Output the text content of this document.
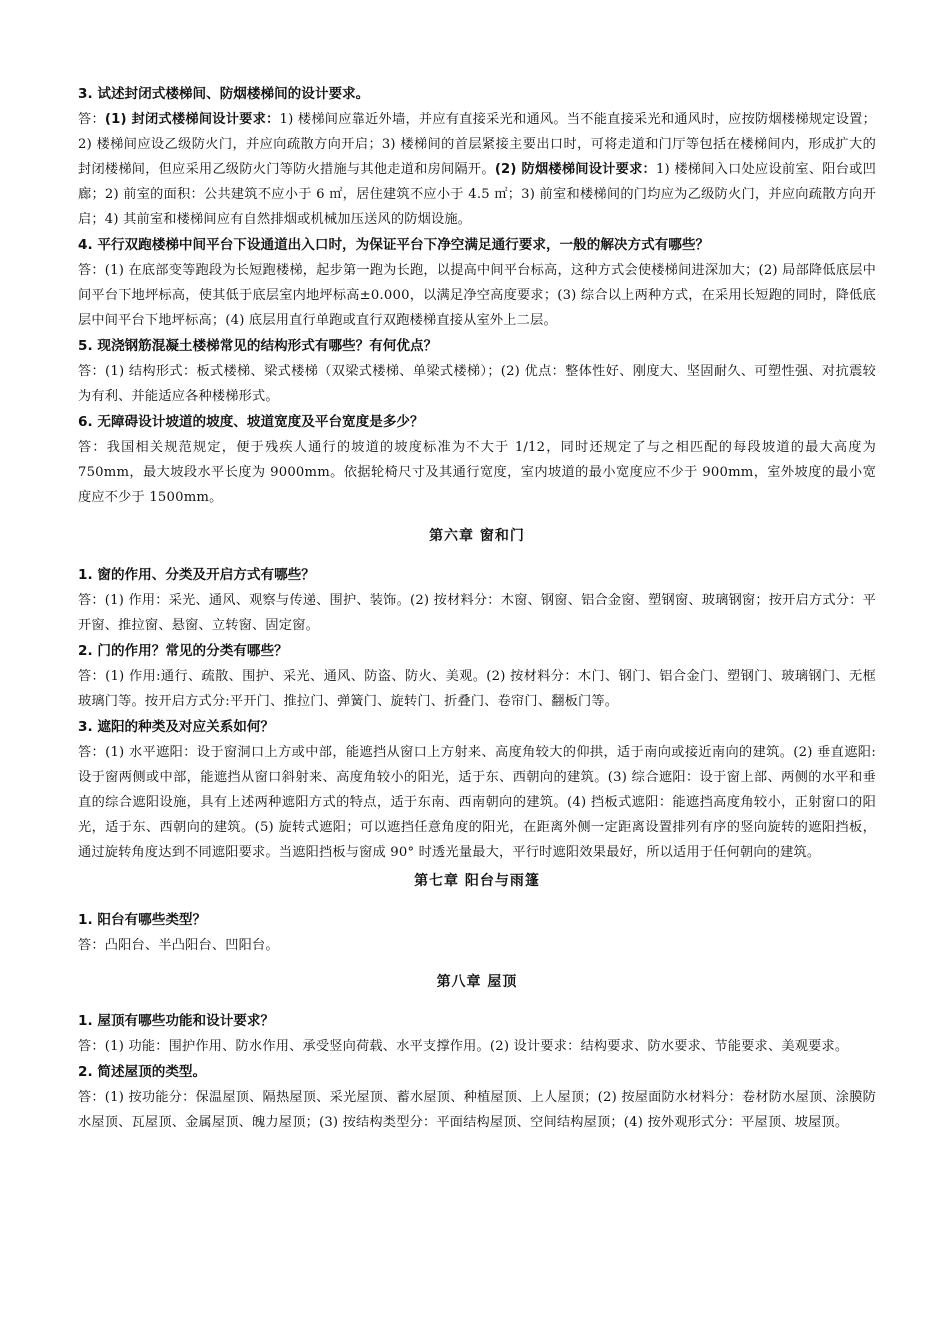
3. 试述封闭式楼梯间、防烟楼梯间的设计要求。

答：(1) 封闭式楼梯间设计要求：1) 楼梯间应靠近外墙，并应有直接采光和通风。当不能直接采光和通风时，应按防烟楼梯规定设置；2) 楼梯间应设乙级防火门，并应向疏散方向开启；3) 楼梯间的首层紧接主要出口时，可将走道和门厅等包括在楼梯间内，形成扩大的封闭楼梯间，但应采用乙级防火门等防火措施与其他走道和房间隔开。(2) 防烟楼梯间设计要求：1) 楼梯间入口处应设前室、阳台或凹廊；2) 前室的面积：公共建筑不应小于 6 ㎡，居住建筑不应小于 4.5 ㎡；3) 前室和楼梯间的门均应为乙级防火门，并应向疏散方向开启；4) 其前室和楼梯间应有自然排烟或机械加压送风的防烟设施。

4. 平行双跑楼梯中间平台下设通道出入口时，为保证平台下净空满足通行要求，一般的解决方式有哪些？

答：(1) 在底部变等跑段为长短跑楼梯，起步第一跑为长跑，以提高中间平台标高，这种方式会使楼梯间进深加大；(2) 局部降低底层中间平台下地坪标高，使其低于底层室内地坪标高±0.000，以满足净空高度要求；(3) 综合以上两种方式，在采用长短跑的同时，降低底层中间平台下地坪标高；(4) 底层用直行单跑或直行双跑楼梯直接从室外上二层。

5. 现浇钢筋混凝土楼梯常见的结构形式有哪些？有何优点？

答：(1) 结构形式：板式楼梯、梁式楼梯（双梁式楼梯、单梁式楼梯）；(2) 优点：整体性好、刚度大、坚固耐久、可塑性强、对抗震较为有利、并能适应各种楼梯形式。

6. 无障碍设计坡道的坡度、坡道宽度及平台宽度是多少？

答：我国相关规范规定，便于残疾人通行的坡道的坡度标准为不大于 1/12，同时还规定了与之相匹配的每段坡道的最大高度为 750mm，最大坡段水平长度为 9000mm。依据轮椅尺寸及其通行宽度，室内坡道的最小宽度应不少于 900mm，室外坡度的最小宽度应不少于 1500mm。

第六章 窗和门

1. 窗的作用、分类及开启方式有哪些？

答：(1) 作用：采光、通风、观察与传递、围护、装饰。(2) 按材料分：木窗、钢窗、铝合金窗、塑钢窗、玻璃钢窗；按开启方式分：平开窗、推拉窗、悬窗、立转窗、固定窗。

2. 门的作用？常见的分类有哪些？

答：(1) 作用:通行、疏散、围护、采光、通风、防盗、防火、美观。(2) 按材料分：木门、钢门、铝合金门、塑钢门、玻璃钢门、无框玻璃门等。按开启方式分:平开门、推拉门、弹簧门、旋转门、折叠门、卷帘门、翻板门等。

3. 遮阳的种类及对应关系如何？

答：(1) 水平遮阳：设于窗洞口上方或中部，能遮挡从窗口上方射来、高度角较大的仰拱，适于南向或接近南向的建筑。(2) 垂直遮阳:设于窗两侧或中部，能遮挡从窗口斜射来、高度角较小的阳光，适于东、西朝向的建筑。(3) 综合遮阳：设于窗上部、两侧的水平和垂直的综合遮阳设施，具有上述两种遮阳方式的特点，适于东南、西南朝向的建筑。(4) 挡板式遮阳：能遮挡高度角较小，正射窗口的阳光，适于东、西朝向的建筑。(5) 旋转式遮阳；可以遮挡任意角度的阳光，在距离外侧一定距离设置排列有序的竖向旋转的遮阳挡板，通过旋转角度达到不同遮阳要求。当遮阳挡板与窗成 90° 时透光量最大，平行时遮阳效果最好，所以适用于任何朝向的建筑。

第七章 阳台与雨篷

1. 阳台有哪些类型？

答：凸阳台、半凸阳台、凹阳台。

第八章 屋顶

1. 屋顶有哪些功能和设计要求？

答：(1) 功能：围护作用、防水作用、承受竖向荷载、水平支撑作用。(2) 设计要求：结构要求、防水要求、节能要求、美观要求。

2. 简述屋顶的类型。

答：(1) 按功能分：保温屋顶、隔热屋顶、采光屋顶、蓄水屋顶、种植屋顶、上人屋顶；(2) 按屋面防水材料分：卷材防水屋顶、涂膜防水屋顶、瓦屋顶、金属屋顶、魄力屋顶；(3) 按结构类型分：平面结构屋顶、空间结构屋顶；(4) 按外观形式分：平屋顶、坡屋顶。
